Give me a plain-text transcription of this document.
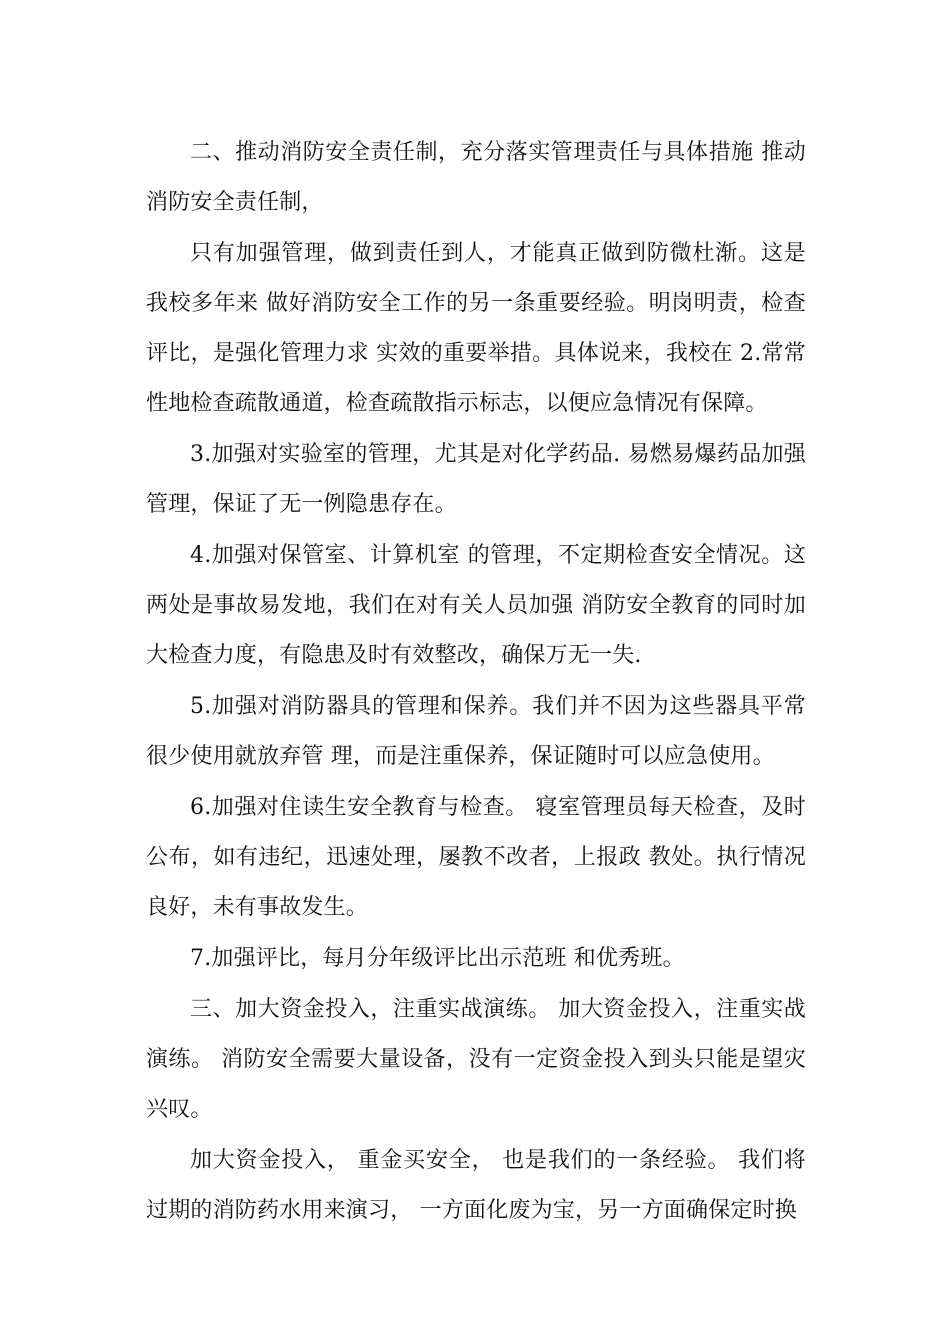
二、推动消防安全责任制，充分落实管理责任与具体措施 推动消防安全责任制，

只有加强管理，做到责任到人，才能真正做到防微杜渐。这是我校多年来 做好消防安全工作的另一条重要经验。明岗明责，检查评比，是强化管理力求 实效的重要举措。具体说来，我校在 2.常常性地检查疏散通道，检查疏散指示标志，以便应急情况有保障。

3.加强对实验室的管理，尤其是对化学药品. 易燃易爆药品加强管理，保证了无一例隐患存在。

4.加强对保管室、计算机室 的管理，不定期检查安全情况。这两处是事故易发地，我们在对有关人员加强 消防安全教育的同时加大检查力度，有隐患及时有效整改，确保万无一失.

5.加强对消防器具的管理和保养。我们并不因为这些器具平常很少使用就放弃管 理，而是注重保养，保证随时可以应急使用。

6.加强对住读生安全教育与检查。 寝室管理员每天检查，及时公布，如有违纪，迅速处理，屡教不改者，上报政 教处。执行情况良好，未有事故发生。

7.加强评比，每月分年级评比出示范班 和优秀班。

三、加大资金投入，注重实战演练。 加大资金投入，注重实战演练。 消防安全需要大量设备，没有一定资金投入到头只能是望灾兴叹。

加大资金投入， 重金买安全， 也是我们的一条经验。 我们将过期的消防药水用来演习， 一方面化废为宝，另一方面确保定时换
